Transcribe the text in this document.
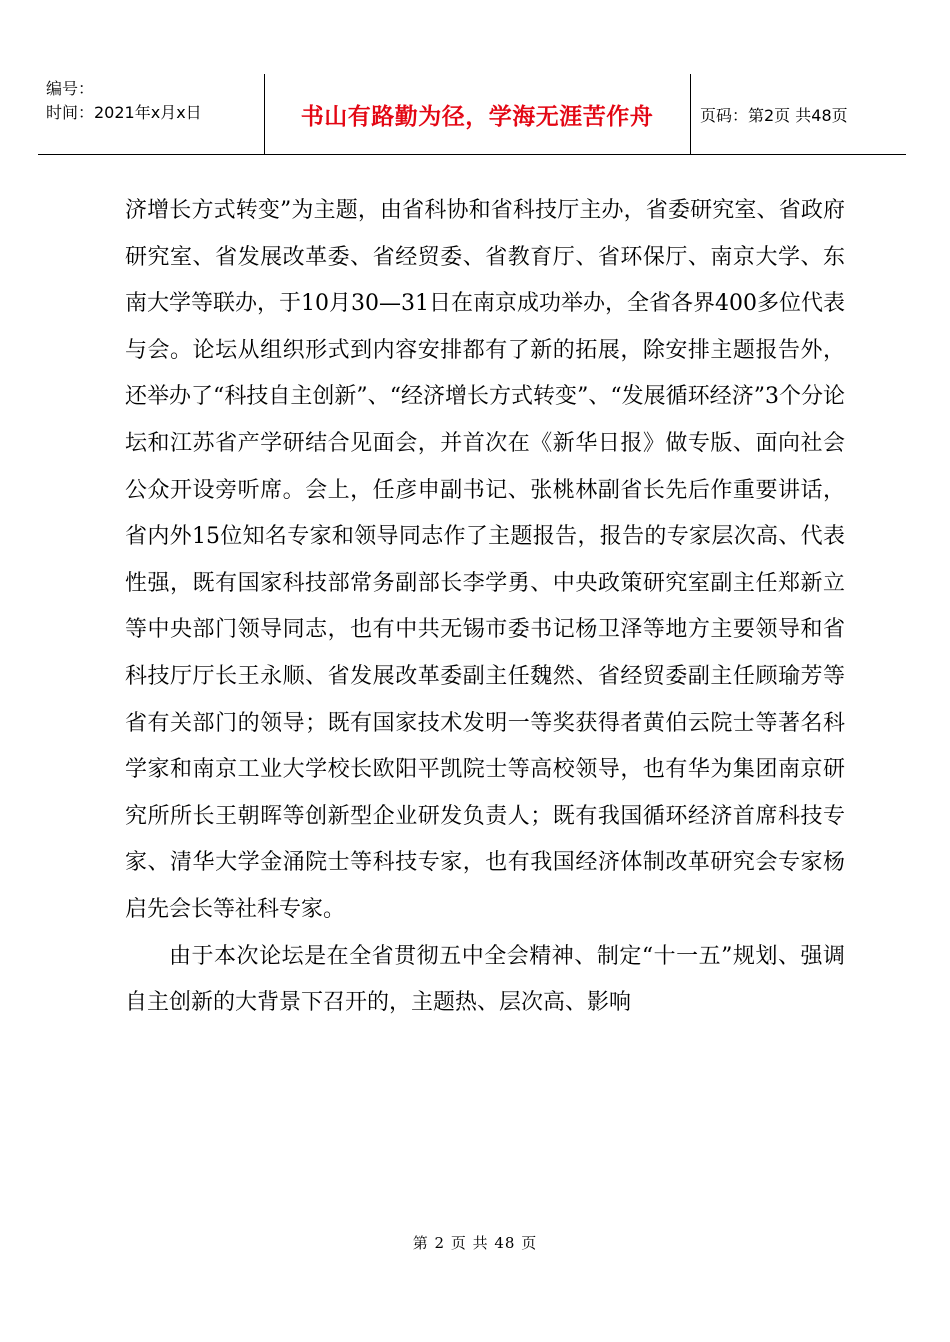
编号：
时间：2021年x月x日	书山有路勤为径，学海无涯苦作舟	页码：第2页 共48页

济增长方式转变”为主题，由省科协和省科技厅主办，省委研究室、省政府研究室、省发展改革委、省经贸委、省教育厅、省环保厅、南京大学、东南大学等联办，于10月30—31日在南京成功举办，全省各界400多位代表与会。论坛从组织形式到内容安排都有了新的拓展，除安排主题报告外，还举办了“科技自主创新”、“经济增长方式转变”、“发展循环经济”3个分论坛和江苏省产学研结合见面会，并首次在《新华日报》做专版、面向社会公众开设旁听席。会上，任彦申副书记、张桃林副省长先后作重要讲话，省内外15位知名专家和领导同志作了主题报告，报告的专家层次高、代表性强，既有国家科技部常务副部长李学勇、中央政策研究室副主任郑新立等中央部门领导同志，也有中共无锡市委书记杨卫泽等地方主要领导和省科技厅厅长王永顺、省发展改革委副主任魏然、省经贸委副主任顾瑜芳等省有关部门的领导；既有国家技术发明一等奖获得者黄伯云院士等著名科学家和南京工业大学校长欧阳平凯院士等高校领导，也有华为集团南京研究所所长王朝晖等创新型企业研发负责人；既有我国循环经济首席科技专家、清华大学金涌院士等科技专家，也有我国经济体制改革研究会专家杨启先会长等社科专家。

由于本次论坛是在全省贯彻五中全会精神、制定“十一五”规划、强调自主创新的大背景下召开的，主题热、层次高、影响

第 2 页 共 48 页
